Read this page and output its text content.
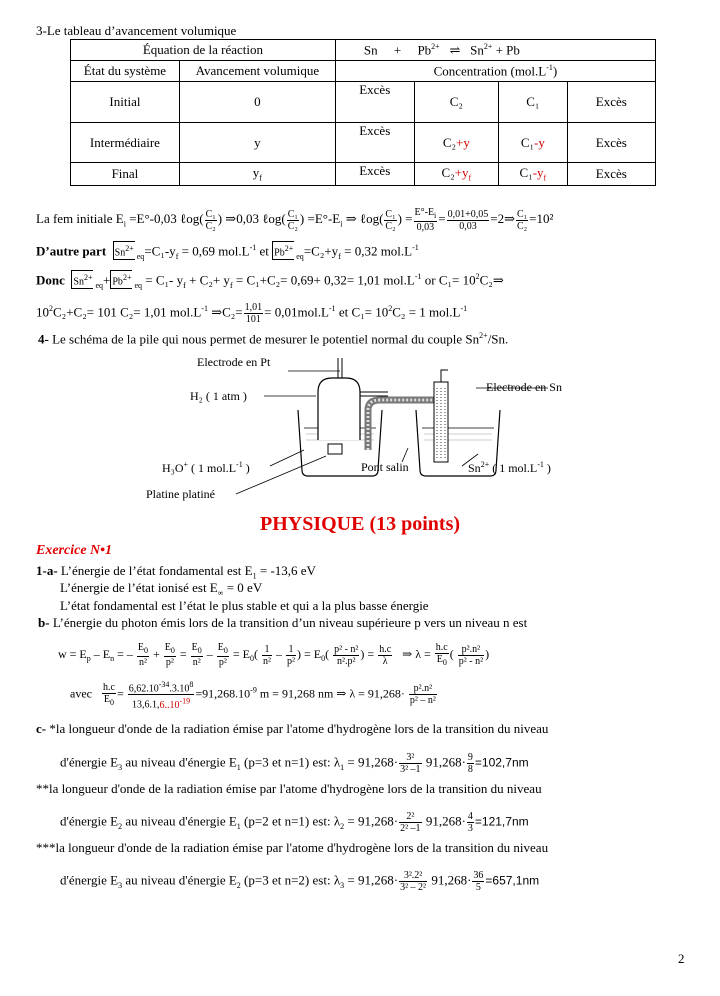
3-Le tableau d’avancement volumique
Équation de la réaction		$Sn + Pb^{2+}$ ⇌ $Sn^{2+} + Pb$			
État du système	Avancement volumique	Concentration $(mol.L^{-1})$			
Initial	0	Excès	C₂	C₁	Excès
Intermédiaire	y	Excès	C₂+y	C₁-y	Excès
Final	$y_f$	Excès	$C_2+y_f$	$C_1-y_f$	Excès
La fem initiale $E_i =E^\circ-0,03$ ℓog( $\frac{\text{C₁}}{\text{C₂}}$ ) ⇒0,03 ℓog( $\frac{\text{C₁}}{\text{C₂}}$ ) $=E^\circ-E_i$ ⇒ ℓog( $\frac{\text{C₁}}{\text{C₂}}$ ) = $\frac{E^\circ-E_i}{0,03} = \frac{0,01+0,05}{0,03}$ =2⇒ $\frac{\text{C₁}}{\text{C₂}} =10^2$
D’autre part $Sn^{2+}_{eq}=C_1-y_f = 0,69$ $mol.L^{-1}$ et $Pb^{2+}_{eq}=C_2+y_f = 0,32$ $mol.L^{-1}$
Donc $Sn^{2+}_{eq}+ Pb^{2+}_{eq} = C_1-$ $y_f + C_2+ y_f = C_1+C_2= 0,69+ 0,32= 1,01$ $mol.L^{-1}$ or $C_1= 10^2C_2\Rightarrow$
$10^2C_2+C_2= 101$ C₂= 1,01 $mol.L^{-1}$ ⇒C₂= $\frac{1,01}{101} = 0,01mol.L^{-1}$ et $C_1= 10^2C_2 = 1$ $mol.L^{-1}$
4- Le schéma de la pile qui nous permet de mesurer le potentiel normal du couple $Sn^{2+}/Sn$.
Electrode en Pt
H₂ ( 1 atm )
Electrode en Sn
H₃O+ ( 1 $mol.L^{-1}$ )	Pont salin	$Sn^{2+}$ ( 1 $mol.L^{-1}$ )
Platine platiné
PHYSIQUE (13 points)
Exercice N•1
1-a- L’énergie de l’état fondamental est $E_1 = -13,6$ eV
L’énergie de l’état ionisé est $E_\infty = 0$ eV
L’état fondamental est l’état le plus stable et qui a la plus basse énergie
b- L’énergie du photon émis lors de la transition d’un niveau supérieure p vers un niveau n est
$w = E_p - E_n$ = – $\frac{E_0}{\text{n²}} + \frac{E_0}{\text{p²}} = \frac{E_0}{\text{n²}} - \frac{E_0}{\text{p²}} = E_0( \frac{1}{\text{n²}} - \frac{1}{\text{p²}}$ ) = $E_0( \frac{\text{p² - n²}}{\text{n².p²}}$ ) = $\frac{h.c}{\lambda}$ ⇒ $\lambda = \frac{h.c}{E_0}$ ( $\frac{\text{p².n²}}{\text{p² - n²}}$ )
avec $\frac{h.c}{E_0} = \frac{6,62.10^{-34}.3.10^8}{13,6.1,6..10^{-19}} =91,268.10^{-9}$ m = 91,268 nm ⇒ $\lambda = 91,268\cdot \frac{\text{p².n²}}{\text{p² – n²}}$
c- *la longueur d'onde de la radiation émise par l'atome d'hydrogène lors de la transition du niveau
d'énergie $E_3$ au niveau d'énergie $E_1$ (p=3 et n=1) est: $\lambda_1 = 91,268\cdot \frac{\text{3²}}{\text{3² –1}} 91,268\cdot \frac{9}{8} =102,7nm$
**la longueur d'onde de la radiation émise par l'atome d'hydrogène lors de la transition du niveau
d'énergie $E_2$ au niveau d'énergie $E_1$ (p=2 et n=1) est: $\lambda_2 = 91,268\cdot \frac{\text{2²}}{\text{2² –1}} 91,268\cdot \frac{4}{3} =121,7nm$
***la longueur d'onde de la radiation émise par l'atome d'hydrogène lors de la transition du niveau
d'énergie $E_3$ au niveau d'énergie $E_2$ (p=3 et n=2) est: $\lambda_3 = 91,268\cdot \frac{\text{3².2²}}{\text{3² – 2²}} 91,268\cdot \frac{36}{5} =657,1nm$
2
